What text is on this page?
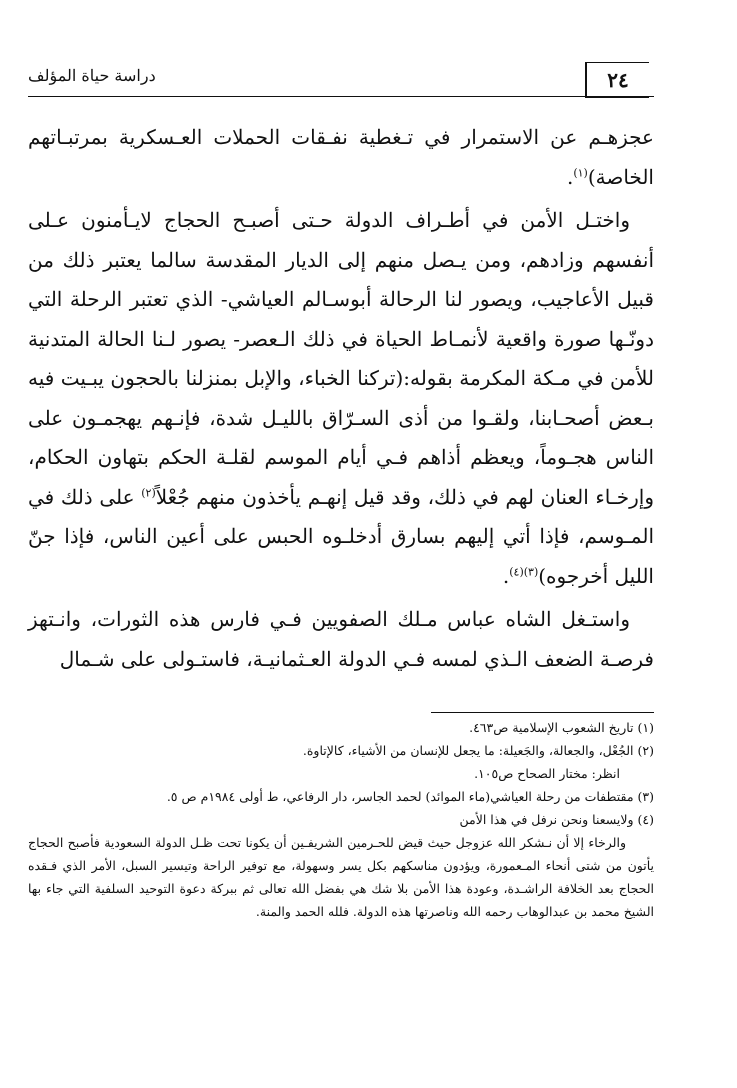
٢٤
دراسة حياة المؤلف

عجزهـم عن الاستمرار في تـغطية نفـقات الحملات العـسكرية بمرتبـاتهم الخاصة)$^{(١)}$.

واختـل الأمن في أطـراف الدولة حـتى أصبـح الحجاج لايـأمنون عـلى أنفسهم وزادهم، ومن يـصل منهم إلى الديار المقدسة سالما يعتبر ذلك من قبيل الأعاجيب، ويصور لنا الرحالة أبوسـالم العياشي- الذي تعتبر الرحلة التي دونّـها صورة واقعية لأنمـاط الحياة في ذلك الـعصر- يصور لـنا الحالة المتدنية للأمن في مـكة المكرمة بقوله:(تركنا الخباء، والإبل بمنزلنا بالحجون يبـيت فيه بـعض أصحـابنا، ولقـوا من أذى السـرّاق بالليـل شدة، فإنـهم يهجمـون على الناس هجـوماً، ويعظم أذاهم فـي أيام الموسم لقلـة الحكم بتهاون الحكام، وإرخـاء العنان لهم في ذلك، وقد قيل إنهـم يأخذون منهم جُعْلاً$^{(٢)}$ على ذلك في المـوسم، فإذا أتي إليهم بسارق أدخلـوه الحبس على أعين الناس، فإذا جنّ الليل أخرجوه)$^{(٣)(٤)}$.

واستـغل الشاه عباس مـلك الصفويين فـي فارس هذه الثورات، وانـتهز فرصـة الضعف الـذي لمسه فـي الدولة العـثمانيـة، فاستـولى على شـمال

(١) تاريخ الشعوب الإسلامية ص٤٦٣.

(٢) الجُعْل، والجعالة، والجَعيلة: ما يجعل للإنسان من الأشياء، كالإتاوة.

انظر: مختار الصحاح ص١٠٥.

(٣) مقتطفات من رحلة العياشي(ماء الموائد) لحمد الجاسر، دار الرفاعي، ط أولى ١٩٨٤م ص ٥.

(٤) ولايسعنا ونحن نرفل في هذا الأمن

والرخاء إلا أن نـشكر الله عزوجل حيث قيض للحـرمين الشريفـين أن يكونا تحت ظـل الدولة السعودية فأصبح الحجاج يأتون من شتى أنحاء المـعمورة، ويؤدون مناسكهم بكل يسر وسهولة، مع توفير الراحة وتيسير السبل، الأمر الذي فـقده الحجاج بعد الخلافة الراشـدة، وعودة هذا الأمن بلا شك هي بفضل الله تعالى ثم ببركة دعوة التوحيد السلفية التي جاء بها الشيخ محمد بن عبدالوهاب رحمه الله وناصرتها هذه الدولة. فلله الحمد والمنة.
